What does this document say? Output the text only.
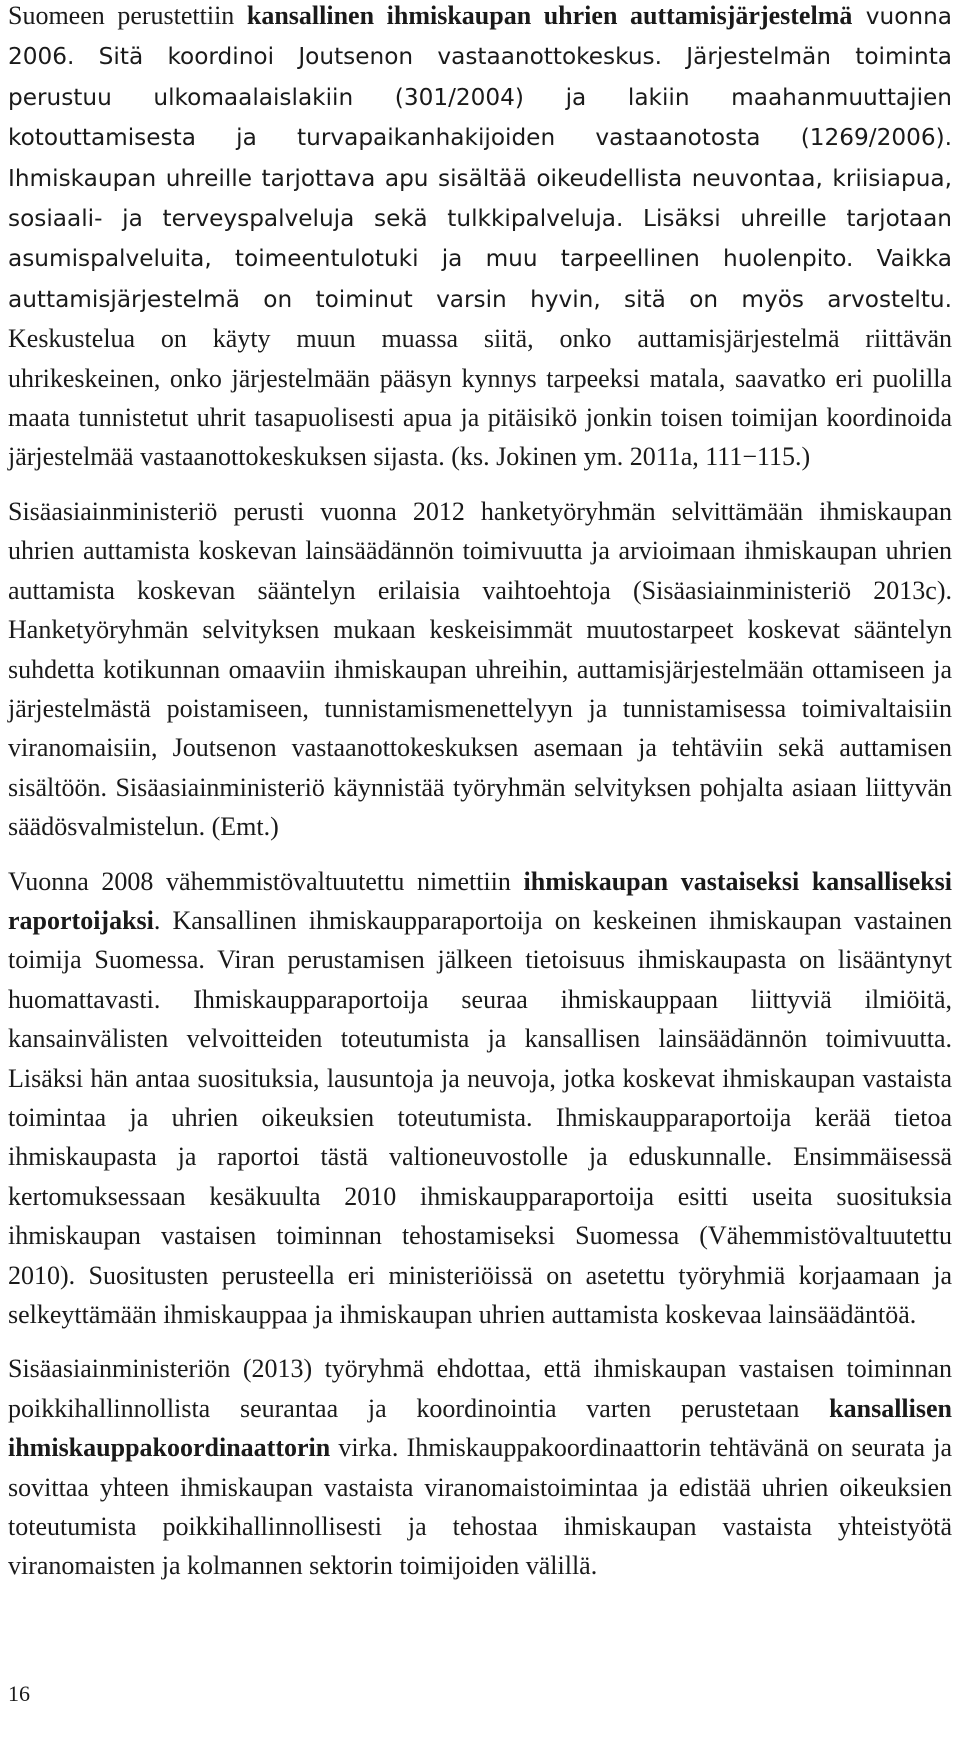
Suomeen perustettiin kansallinen ihmiskaupan uhrien auttamisjärjestelmä vuonna 2006. Sitä koordinoi Joutsenon vastaanottokeskus. Järjestelmän toiminta perustuu ulkomaalaislakiin (301/2004) ja lakiin maahanmuuttajien kotouttamisesta ja turvapaikanhakijoiden vastaanotosta (1269/2006). Ihmiskaupan uhreille tarjottava apu sisältää oikeudellista neuvontaa, kriisiapua, sosiaali- ja terveyspalveluja sekä tulkkipalveluja. Lisäksi uhreille tarjotaan asumispalveluita, toimeentulotuki ja muu tarpeellinen huolenpito. Vaikka auttamisjärjestelmä on toiminut varsin hyvin, sitä on myös arvosteltu. Keskustelua on käyty muun muassa siitä, onko auttamisjärjestelmä riittävän uhrikeskeinen, onko järjestelmään pääsyn kynnys tarpeeksi matala, saavatko eri puolilla maata tunnistetut uhrit tasapuolisesti apua ja pitäisikö jonkin toisen toimijan koordinoida järjestelmää vastaanottokeskuksen sijasta. (ks. Jokinen ym. 2011a, 111−115.)

Sisäasiainministeriö perusti vuonna 2012 hanketyöryhmän selvittämään ihmiskaupan uhrien auttamista koskevan lainsäädännön toimivuutta ja arvioimaan ihmiskaupan uhrien auttamista koskevan sääntelyn erilaisia vaihtoehtoja (Sisäasiainministeriö 2013c). Hanketyöryhmän selvityksen mukaan keskeisimmät muutostarpeet koskevat sääntelyn suhdetta kotikunnan omaaviin ihmiskaupan uhreihin, auttamisjärjestelmään ottamiseen ja järjestelmästä poistamiseen, tunnistamismenettelyyn ja tunnistamisessa toimivaltaisiin viranomaisiin, Joutsenon vastaanottokeskuksen asemaan ja tehtäviin sekä auttamisen sisältöön. Sisäasiainministeriö käynnistää työryhmän selvityksen pohjalta asiaan liittyvän säädösvalmistelun. (Emt.)

Vuonna 2008 vähemmistövaltuutettu nimettiin ihmiskaupan vastaiseksi kansalliseksi raportoijaksi. Kansallinen ihmiskaupparaportoija on keskeinen ihmiskaupan vastainen toimija Suomessa. Viran perustamisen jälkeen tietoisuus ihmiskaupasta on lisääntynyt huomattavasti. Ihmiskaupparaportoija seuraa ihmiskauppaan liittyviä ilmiöitä, kansainvälisten velvoitteiden toteutumista ja kansallisen lainsäädännön toimivuutta. Lisäksi hän antaa suosituksia, lausuntoja ja neuvoja, jotka koskevat ihmiskaupan vastaista toimintaa ja uhrien oikeuksien toteutumista. Ihmiskaupparaportoija kerää tietoa ihmiskaupasta ja raportoi tästä valtioneuvostolle ja eduskunnalle. Ensimmäisessä kertomuksessaan kesäkuulta 2010 ihmiskaupparaportoija esitti useita suosituksia ihmiskaupan vastaisen toiminnan tehostamiseksi Suomessa (Vähemmistövaltuutettu 2010). Suositusten perusteella eri ministeriöissä on asetettu työryhmiä korjaamaan ja selkeyttämään ihmiskauppaa ja ihmiskaupan uhrien auttamista koskevaa lainsäädäntöä.

Sisäasiainministeriön (2013) työryhmä ehdottaa, että ihmiskaupan vastaisen toiminnan poikkihallinnollista seurantaa ja koordinointia varten perustetaan kansallisen ihmiskauppakoordinaattorin virka. Ihmiskauppakoordinaattorin tehtävänä on seurata ja sovittaa yhteen ihmiskaupan vastaista viranomaistoimintaa ja edistää uhrien oikeuksien toteutumista poikkihallinnollisesti ja tehostaa ihmiskaupan vastaista yhteistyötä viranomaisten ja kolmannen sektorin toimijoiden välillä.

16
